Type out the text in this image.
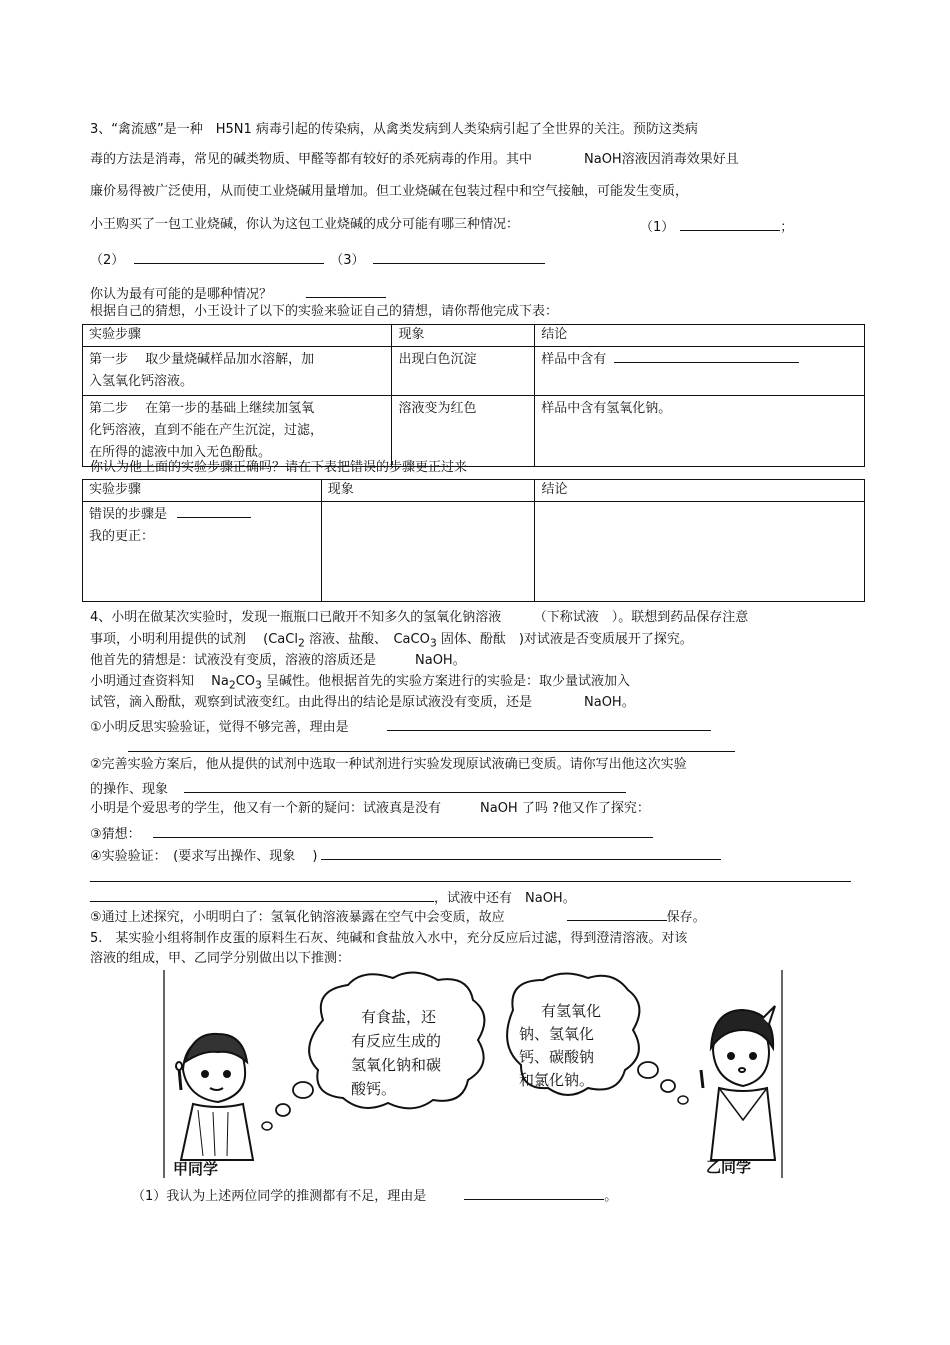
3、“禽流感”是一种　H5N1 病毒引起的传染病，从禽类发病到人类染病引起了全世界的关注。预防这类病
毒的方法是消毒，常见的碱类物质、甲醛等都有较好的杀死病毒的作用。其中　　　　NaOH溶液因消毒效果好且
廉价易得被广泛使用，从而使工业烧碱用量增加。但工业烧碱在包装过程中和空气接触，可能发生变质，
小王购买了一包工业烧碱，你认为这包工业烧碱的成分可能有哪三种情况：	（1）	；
（2）	（3）
你认为最有可能的是哪种情况？
根据自己的猜想，小王设计了以下的实验来验证自己的猜想，请你帮他完成下表：
实验步骤	现象	结论

第一步　 取少量烧碱样品加水溶解，加
入氢氧化钙溶液。	出现白色沉淀	样品中含有

第二步　 在第一步的基础上继续加氢氧
化钙溶液，直到不能在产生沉淀，过滤，
在所得的滤液中加入无色酚酞。	溶液变为红色	样品中含有氢氧化钠。
你认为他上面的实验步骤正确吗？请在下表把错误的步骤更正过来
实验步骤	现象	结论

错误的步骤是
我的更正：		

4、小明在做某次实验时，发现一瓶瓶口已敞开不知多久的氢氧化钠溶液　　　（下称试液　）。联想到药品保存注意
事项，小明利用提供的试剂　 (CaCl$_2$ 溶液、盐酸、　CaCO$_3$ 固体、酚酞　)对试液是否变质展开了探究。
他首先的猜想是：试液没有变质，溶液的溶质还是　　　NaOH。
小明通过查资料知　 $Na_2CO_3$ 呈碱性。他根据首先的实验方案进行的实验是：取少量试液加入
试管，滴入酚酞，观察到试液变红。由此得出的结论是原试液没有变质，还是　　　　NaOH。
①小明反思实验验证，觉得不够完善，理由是
②完善实验方案后，他从提供的试剂中选取一种试剂进行实验发现原试液确已变质。请你写出他这次实验
的操作、现象
小明是个爱思考的学生，他又有一个新的疑问：试液真是没有　　　NaOH 了吗 ?他又作了探究：
③猜想：
④实验验证：　(要求写出操作、现象　 )
，试液中还有　NaOH。
⑤通过上述探究，小明明白了：氢氧化钠溶液暴露在空气中会变质，故应	保存。
5.　某实验小组将制作皮蛋的原料生石灰、纯碱和食盐放入水中，充分反应后过滤，得到澄清溶液。对该
溶液的组成，甲、乙同学分别做出以下推测：
有食盐，还
有反应生成的
氢氧化钠和碳
酸钙。
有氢氧化
钠、氢氧化
钙、碳酸钠
和氯化钠。
甲同学	乙同学
（1）我认为上述两位同学的推测都有不足，理由是	。
